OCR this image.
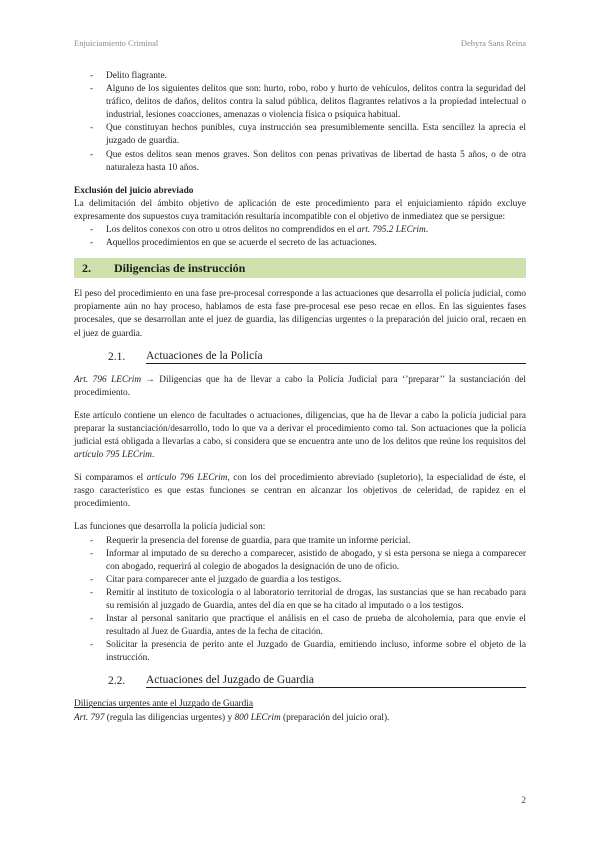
Enjuiciamiento Criminal	Dehyra Sans Reina
- Delito flagrante.
- Alguno de los siguientes delitos que son: hurto, robo, robo y hurto de vehículos, delitos contra la seguridad del tráfico, delitos de daños, delitos contra la salud pública, delitos flagrantes relativos a la propiedad intelectual o industrial, lesiones coacciones, amenazas o violencia física o psíquica habitual.
- Que constituyan hechos punibles, cuya instrucción sea presumiblemente sencilla. Esta sencillez la aprecia el juzgado de guardia.
- Que estos delitos sean menos graves. Son delitos con penas privativas de libertad de hasta 5 años, o de otra naturaleza hasta 10 años.

Exclusión del juicio abreviado

La delimitación del ámbito objetivo de aplicación de este procedimiento para el enjuiciamiento rápido excluye expresamente dos supuestos cuya tramitación resultaría incompatible con el objetivo de inmediatez que se persigue:

- Los delitos conexos con otro u otros delitos no comprendidos en el art. 795.2 LECrim.
- Aquellos procedimientos en que se acuerde el secreto de las actuaciones.
2.	Diligencias de instrucción

El peso del procedimiento en una fase pre-procesal corresponde a las actuaciones que desarrolla el policía judicial, como propiamente aún no hay proceso, hablamos de esta fase pre-procesal ese peso recae en ellos. En las siguientes fases procesales, que se desarrollan ante el juez de guardia, las diligencias urgentes o la preparación del juicio oral, recaen en el juez de guardia.

2.1.	Actuaciones de la Policía

Art. 796 LECrim → Diligencias que ha de llevar a cabo la Policía Judicial para ‘’preparar’’ la sustanciación del procedimiento.

Este artículo contiene un elenco de facultades o actuaciones, diligencias, que ha de llevar a cabo la policía judicial para preparar la sustanciación/desarrollo, todo lo que va a derivar el procedimiento como tal. Son actuaciones que la policía judicial está obligada a llevarlas a cabo, si considera que se encuentra ante uno de los delitos que reúne los requisitos del artículo 795 LECrim.

Si comparamos el artículo 796 LECrim, con los del procedimiento abreviado (supletorio), la especialidad de éste, el rasgo característico es que estas funciones se centran en alcanzar los objetivos de celeridad, de rapidez en el procedimiento.

Las funciones que desarrolla la policía judicial son:

- Requerir la presencia del forense de guardia, para que tramite un informe pericial.
- Informar al imputado de su derecho a comparecer, asistido de abogado, y si esta persona se niega a comparecer con abogado, requerirá al colegio de abogados la designación de uno de oficio.
- Citar para comparecer ante el juzgado de guardia a los testigos.
- Remitir al instituto de toxicología o al laboratorio territorial de drogas, las sustancias que se han recabado para su remisión al juzgado de Guardia, antes del día en que se ha citado al imputado o a los testigos.
- Instar al personal sanitario que practique el análisis en el caso de prueba de alcoholemia, para que envíe el resultado al Juez de Guardia, antes de la fecha de citación.
- Solicitar la presencia de perito ante el Juzgado de Guardia, emitiendo incluso, informe sobre el objeto de la instrucción.
2.2.	Actuaciones del Juzgado de Guardia

Diligencias urgentes ante el Juzgado de Guardia

Art. 797 (regula las diligencias urgentes) y 800 LECrim (preparación del juicio oral).

2
